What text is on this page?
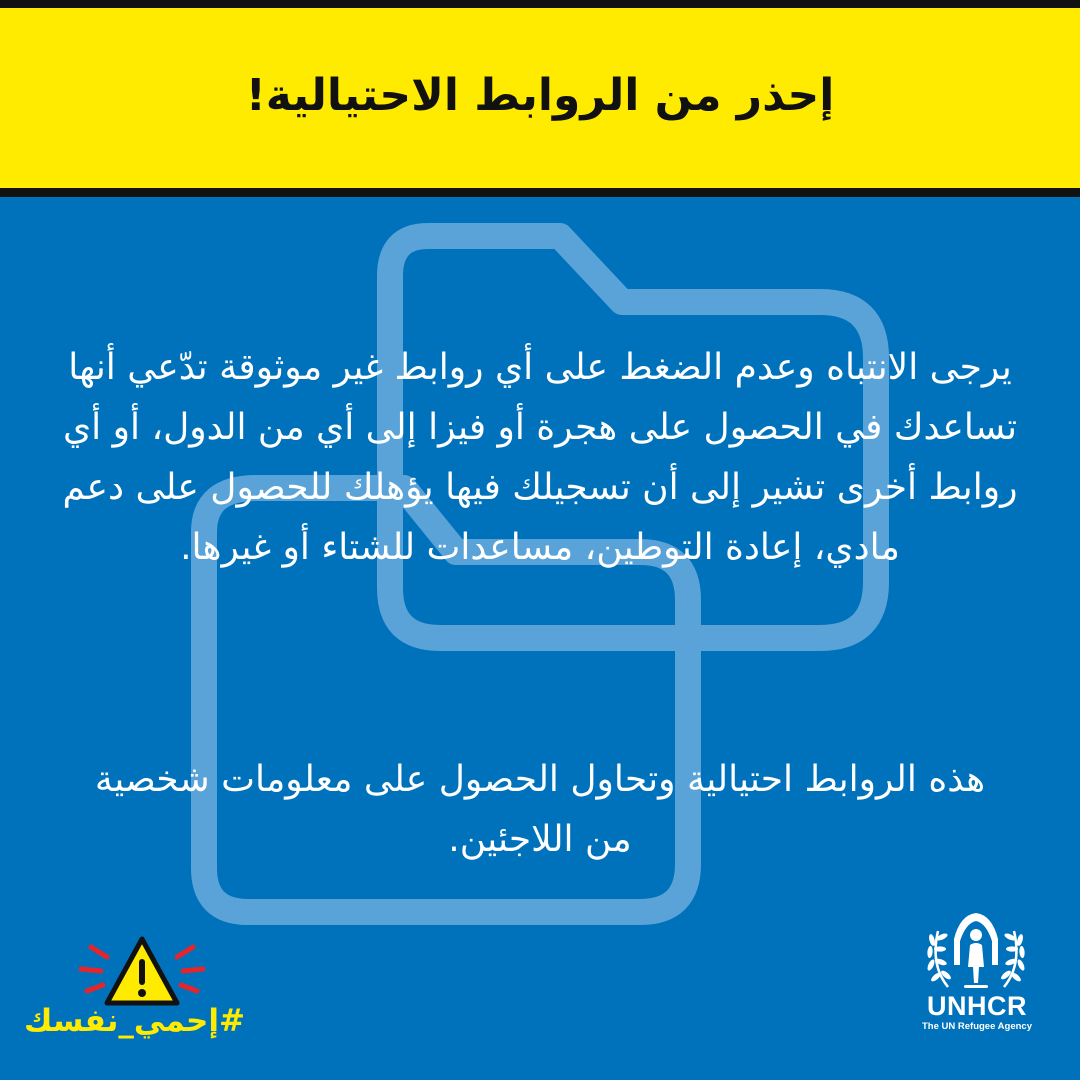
إحذر من الروابط الاحتيالية!

يرجى الانتباه وعدم الضغط على أي روابط غير موثوقة تدّعي أنها تساعدك في الحصول على هجرة أو فيزا إلى أي من الدول، أو أي روابط أخرى تشير إلى أن تسجيلك فيها يؤهلك للحصول على دعم مادي، إعادة التوطين، مساعدات للشتاء أو غيرها.

هذه الروابط احتيالية وتحاول الحصول على معلومات شخصية من اللاجئين.

#إحمي_نفسك	UNHCR
The UN Refugee Agency
